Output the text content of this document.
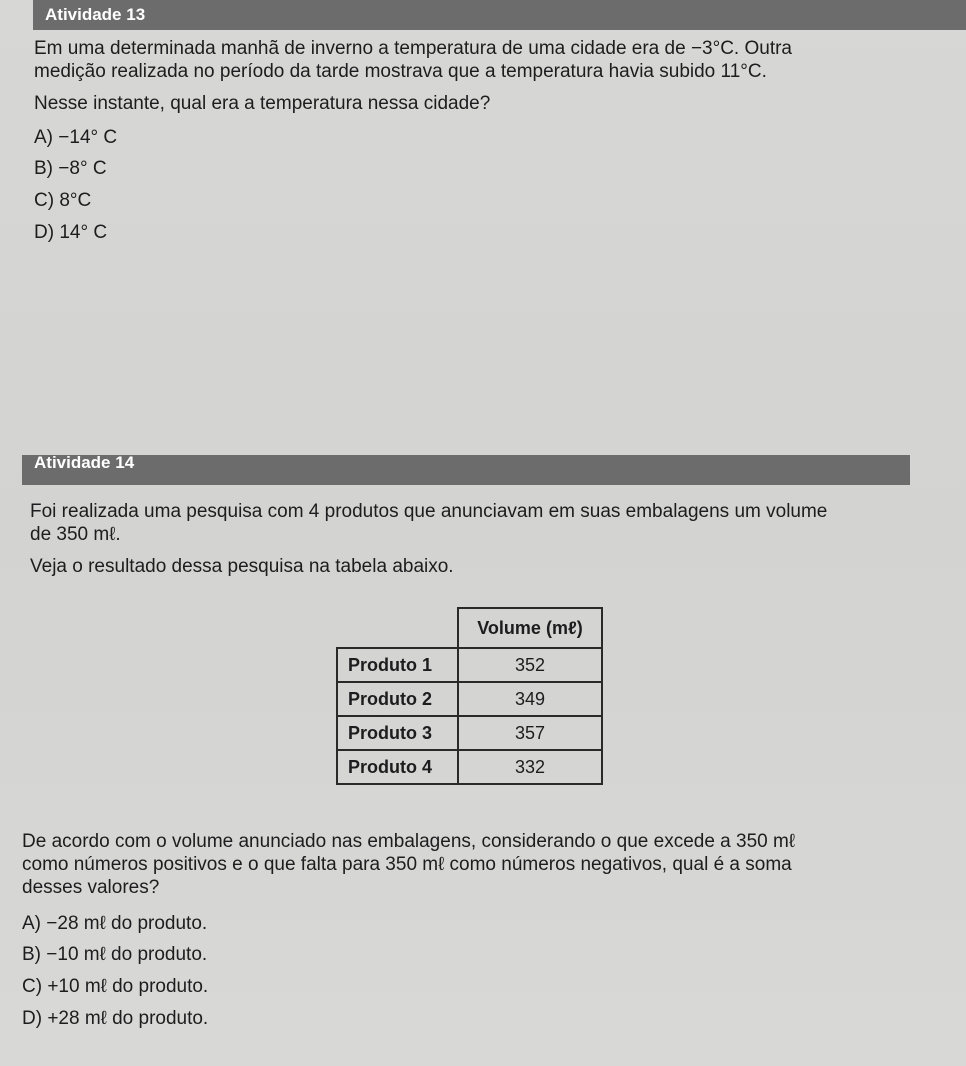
Atividade 13

Em uma determinada manhã de inverno a temperatura de uma cidade era de −3°C. Outra

medição realizada no período da tarde mostrava que a temperatura havia subido 11°C.

Nesse instante, qual era a temperatura nessa cidade?

A) −14° C
B) −8° C
C) 8°C
D) 14° C
Atividade 14

Foi realizada uma pesquisa com 4 produtos que anunciavam em suas embalagens um volume

de 350 mℓ.

Veja o resultado dessa pesquisa na tabela abaixo.

	Volume (mℓ)
Produto 1	352
Produto 2	349
Produto 3	357
Produto 4	332

De acordo com o volume anunciado nas embalagens, considerando o que excede a 350 mℓ

como números positivos e o que falta para 350 mℓ como números negativos, qual é a soma

desses valores?

A) −28 mℓ do produto.
B) −10 mℓ do produto.
C) +10 mℓ do produto.
D) +28 mℓ do produto.
